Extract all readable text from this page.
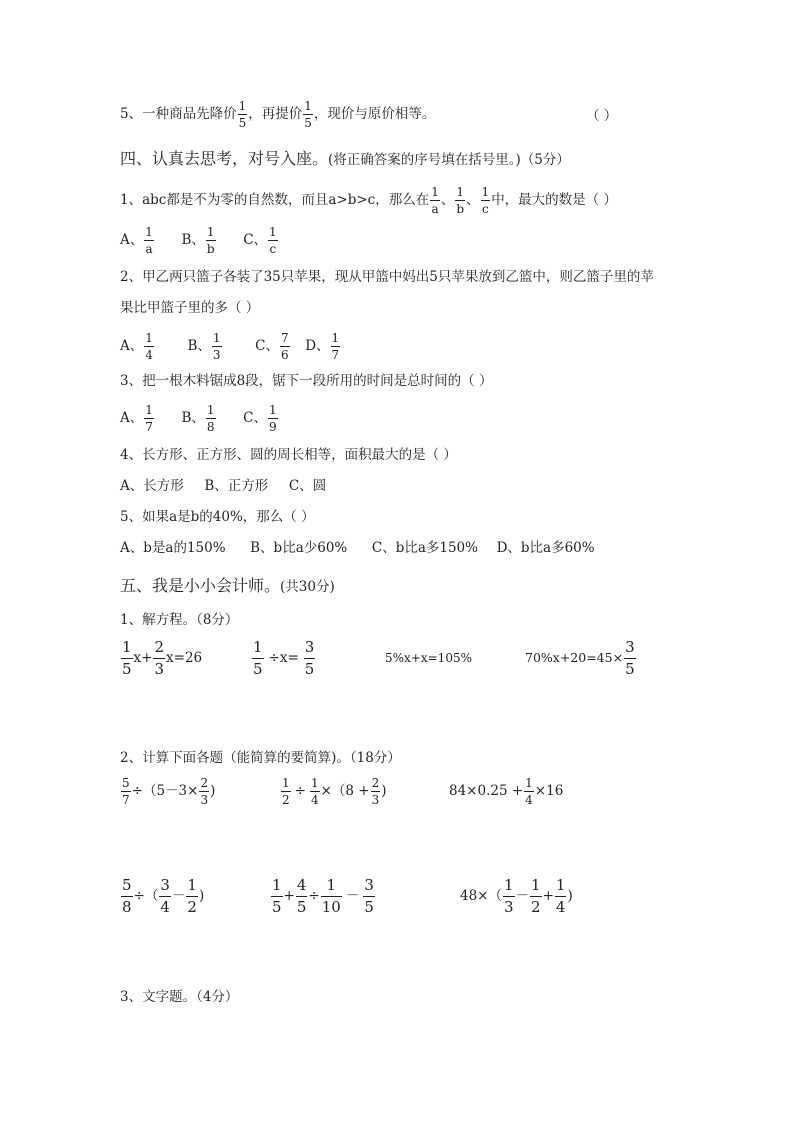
5、一种商品先降价 $\frac{1}{5}$ ，再提价 $\frac{1}{5}$ ，现价与原价相等。	（ ）
四、认真去思考，对号入座。(将正确答案的序号填在括号里。)（5分）
1、abc都是不为零的自然数，而且a>b>c，那么在 $\frac{1}{a}$ 、 $\frac{1}{b}$ 、 $\frac{1}{c}$ 中，最大的数是（ ）
A、 $\frac{1}{a}$ B、 $\frac{1}{b}$ C、 $\frac{1}{c}$
2、甲乙两只篮子各装了35只苹果，现从甲篮中妈出5只苹果放到乙篮中，则乙篮子里的苹
果比甲篮子里的多（ ）
A、 $\frac{1}{4}$ B、 $\frac{1}{3}$ C、 $\frac{7}{6}$ D、 $\frac{1}{7}$
3、把一根木料锯成8段，锯下一段所用的时间是总时间的（ ）
A、 $\frac{1}{7}$ B、 $\frac{1}{8}$ C、 $\frac{1}{9}$
4、长方形、正方形、圆的周长相等，面积最大的是（ ）
A、长方形 B、正方形 C、圆
5、如果a是b的40%，那么（ ）
A、b是a的150% B、b比a少60% C、b比a多150% D、b比a多60%
五、我是小小会计师。(共30分)
1、解方程。（8分）
$\frac{1}{5} x+ \frac{2}{3} x=26$	$\frac{1}{5} \div x= \frac{3}{5}$	5%x+x=105%	$70\%x+20=45\times \frac{3}{5}$
2、计算下面各题（能简算的要简算)。（18分）
$\frac{5}{7} \div(5-3\times \frac{2}{3}$ )	$\frac{1}{2} \div \frac{1}{4} \times(8 + \frac{2}{3}$ )	$84\times 0.25 + \frac{1}{4} \times 16$
$\frac{5}{8}$ ÷（ $\frac{3}{4} - \frac{1}{2}$ )	$\frac{1}{5} + \frac{4}{5} \div \frac{1}{10} - \frac{3}{5}$	$48\times( \frac{1}{3} - \frac{1}{2} + \frac{1}{4}$ )
3、文字题。（4分）
